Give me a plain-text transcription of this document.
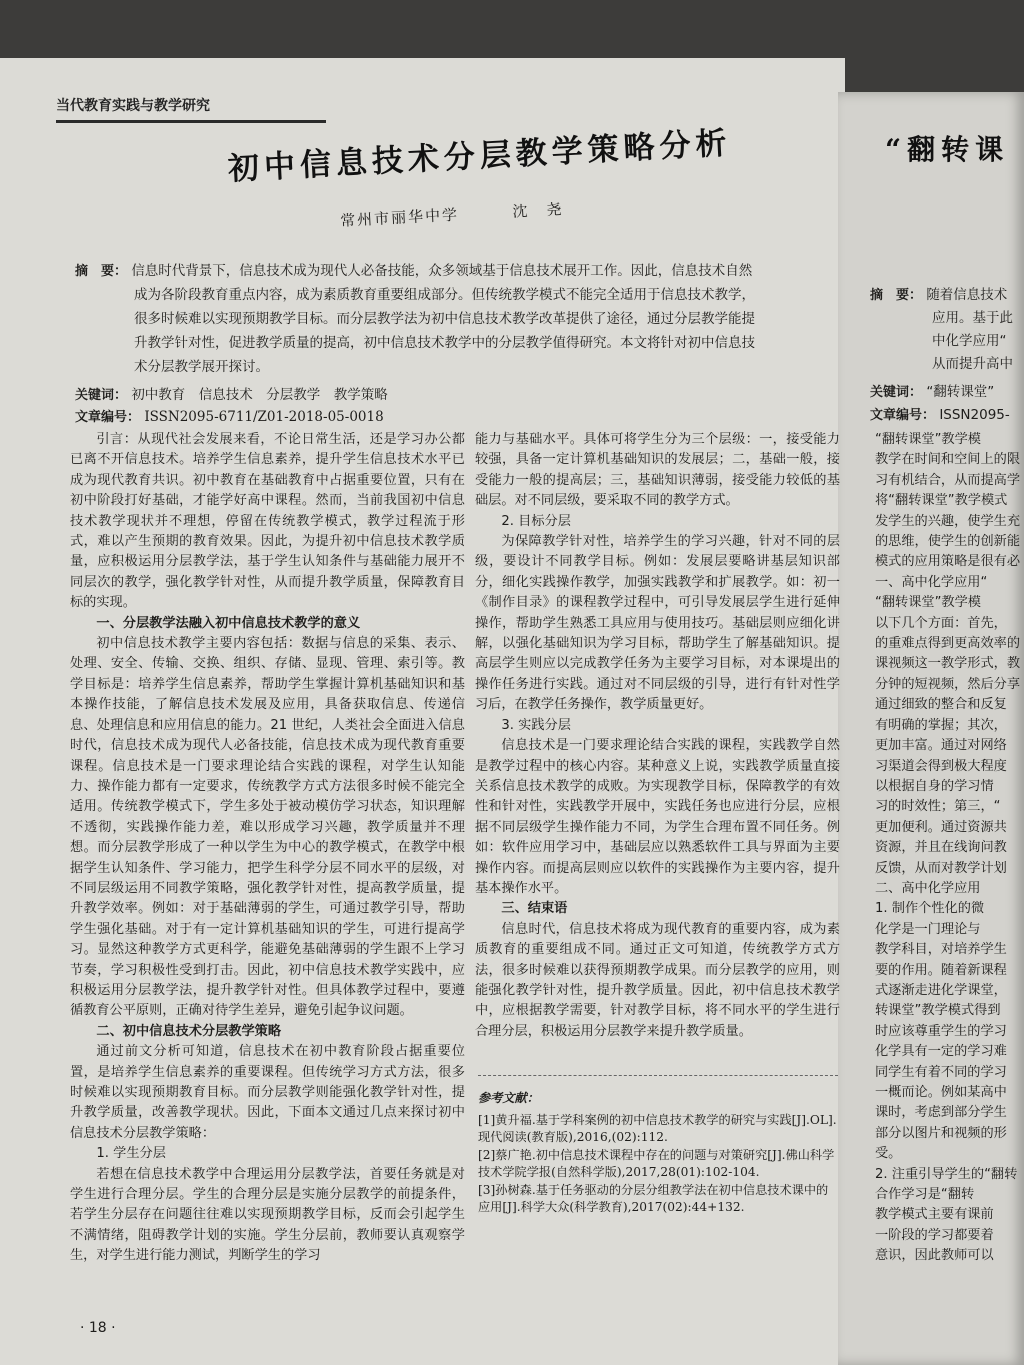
当代教育实践与教学研究
初中信息技术分层教学策略分析
常州市丽华中学	沈　尧
摘　要： 信息时代背景下，信息技术成为现代人必备技能，众多领域基于信息技术展开工作。因此，信息技术自然
成为各阶段教育重点内容，成为素质教育重要组成部分。但传统教学模式不能完全适用于信息技术教学，
很多时候难以实现预期教学目标。而分层教学法为初中信息技术教学改革提供了途径，通过分层教学能提
升教学针对性，促进教学质量的提高，初中信息技术教学中的分层教学值得研究。本文将针对初中信息技
术分层教学展开探讨。
关键词： 初中教育　信息技术　分层教学　教学策略
文章编号： ISSN2095-6711/Z01-2018-05-0018

引言：从现代社会发展来看，不论日常生活，还是学习办公都已离不开信息技术。培养学生信息素养，提升学生信息技术水平已成为现代教育共识。初中教育在基础教育中占据重要位置，只有在初中阶段打好基础，才能学好高中课程。然而，当前我国初中信息技术教学现状并不理想，停留在传统教学模式，教学过程流于形式，难以产生预期的教育效果。因此，为提升初中信息技术教学质量，应积极运用分层教学法，基于学生认知条件与基础能力展开不同层次的教学，强化教学针对性，从而提升教学质量，保障教育目标的实现。

一、分层教学法融入初中信息技术教学的意义

初中信息技术教学主要内容包括：数据与信息的采集、表示、处理、安全、传输、交换、组织、存储、显现、管理、索引等。教学目标是：培养学生信息素养，帮助学生掌握计算机基础知识和基本操作技能，了解信息技术发展及应用，具备获取信息、传递信息、处理信息和应用信息的能力。21 世纪，人类社会全面进入信息时代，信息技术成为现代人必备技能，信息技术成为现代教育重要课程。信息技术是一门要求理论结合实践的课程，对学生认知能力、操作能力都有一定要求，传统教学方式方法很多时候不能完全适用。传统教学模式下，学生多处于被动模仿学习状态，知识理解不透彻，实践操作能力差，难以形成学习兴趣，教学质量并不理想。而分层教学形成了一种以学生为中心的教学模式，在教学中根据学生认知条件、学习能力，把学生科学分层不同水平的层级，对不同层级运用不同教学策略，强化教学针对性，提高教学质量，提升教学效率。例如：对于基础薄弱的学生，可通过教学引导，帮助学生强化基础。对于有一定计算机基础知识的学生，可进行提高学习。显然这种教学方式更科学，能避免基础薄弱的学生跟不上学习节奏，学习积极性受到打击。因此，初中信息技术教学实践中，应积极运用分层教学法，提升教学针对性。但具体教学过程中，要遵循教育公平原则，正确对待学生差异，避免引起争议问题。

二、初中信息技术分层教学策略

通过前文分析可知道，信息技术在初中教育阶段占据重要位置，是培养学生信息素养的重要课程。但传统学习方式方法，很多时候难以实现预期教育目标。而分层教学则能强化教学针对性，提升教学质量，改善教学现状。因此，下面本文通过几点来探讨初中信息技术分层教学策略：

1. 学生分层

若想在信息技术教学中合理运用分层教学法，首要任务就是对学生进行合理分层。学生的合理分层是实施分层教学的前提条件，若学生分层存在问题往往难以实现预期教学目标，反而会引起学生不满情绪，阻碍教学计划的实施。学生分层前，教师要认真观察学生，对学生进行能力测试，判断学生的学习

能力与基础水平。具体可将学生分为三个层级：一，接受能力较强，具备一定计算机基础知识的发展层；二，基础一般，接受能力一般的提高层；三，基础知识薄弱，接受能力较低的基础层。对不同层级，要采取不同的教学方式。

2. 目标分层

为保障教学针对性，培养学生的学习兴趣，针对不同的层级，要设计不同教学目标。例如：发展层要略讲基层知识部分，细化实践操作教学，加强实践教学和扩展教学。如：初一《制作目录》的课程教学过程中，可引导发展层学生进行延伸操作，帮助学生熟悉工具应用与使用技巧。基础层则应细化讲解，以强化基础知识为学习目标，帮助学生了解基础知识。提高层学生则应以完成教学任务为主要学习目标，对本课堤出的操作任务进行实践。通过对不同层级的引导，进行有针对性学习后，在教学任务操作，教学质量更好。

3. 实践分层

信息技术是一门要求理论结合实践的课程，实践教学自然是教学过程中的核心内容。某种意义上说，实践教学质量直接关系信息技术教学的成败。为实现教学目标，保障教学的有效性和针对性，实践教学开展中，实践任务也应进行分层，应根据不同层级学生操作能力不同，为学生合理布置不同任务。例如：软件应用学习中，基础层应以熟悉软件工具与界面为主要操作内容。而提高层则应以软件的实践操作为主要内容，提升基本操作水平。

三、结束语

信息时代，信息技术将成为现代教育的重要内容，成为素质教育的重要组成不同。通过正文可知道，传统教学方式方法，很多时候难以获得预期教学成果。而分层教学的应用，则能强化教学针对性，提升教学质量。因此，初中信息技术教学中，应根据教学需要，针对教学目标，将不同水平的学生进行合理分层，积极运用分层教学来提升教学质量。

参考文献：

[1]黄升福.基于学科案例的初中信息技术教学的研究与实践[J].OL].现代阅读(教育版),2016,(02):112.

[2]蔡广艳.初中信息技术课程中存在的问题与对策研究[J].佛山科学技术学院学报(自然科学版),2017,28(01):102-104.

[3]孙树森.基于任务驱动的分层分组教学法在初中信息技术课中的应用[J].科学大众(科学教育),2017(02):44+132.

· 18 ·
“翻转课
摘　要： 随着信息技术
应用。基于此
中化学应用“
从而提升高中
关键词： “翻转课堂”
文章编号： ISSN2095-

“翻转课堂”教学模

教学在时间和空间上的限

习有机结合，从而提高学

将“翻转课堂”教学模式

发学生的兴趣，使学生充

的思维，使学生的创新能

模式的应用策略是很有必

一、高中化学应用“

“翻转课堂”教学模

以下几个方面：首先，

的重难点得到更高效率的

课视频这一教学形式，教

分钟的短视频，然后分享

通过细致的整合和反复

有明确的掌握；其次，

更加丰富。通过对网络

习渠道会得到极大程度

以根据自身的学习情

习的时效性；第三，“

更加便利。通过资源共

资源，并且在线询问教

反馈，从而对教学计划

二、高中化学应用

1. 制作个性化的微

化学是一门理论与

教学科目，对培养学生

要的作用。随着新课程

式逐渐走进化学课堂，

转课堂”教学模式得到

时应该尊重学生的学习

化学具有一定的学习难

同学生有着不同的学习

一概而论。例如某高中

课时，考虑到部分学生

部分以图片和视频的形

受。

2. 注重引导学生的“翻转

合作学习是“翻转

教学模式主要有课前

一阶段的学习都要着

意识，因此教师可以
